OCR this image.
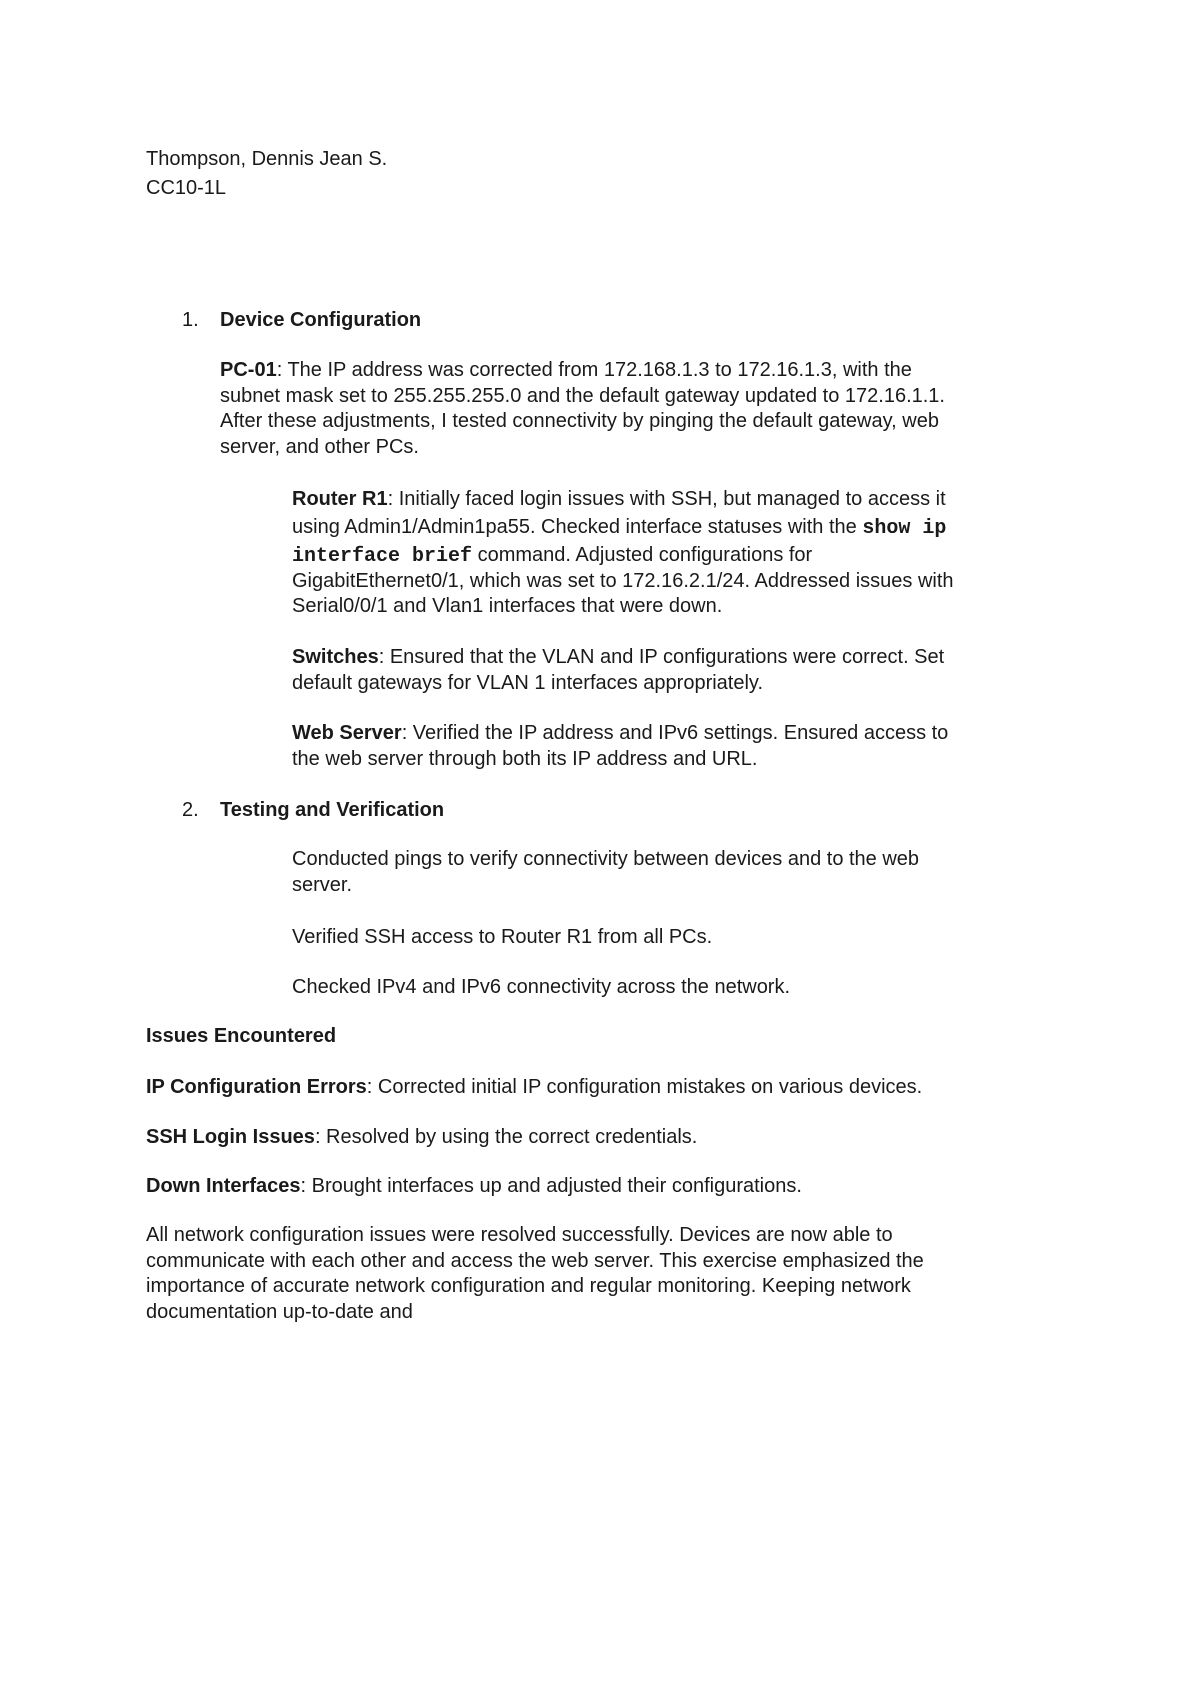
Thompson, Dennis Jean S.
CC10-1L
1. Device Configuration
PC-01: The IP address was corrected from 172.168.1.3 to 172.16.1.3, with the
subnet mask set to 255.255.255.0 and the default gateway updated to 172.16.1.1.
After these adjustments, I tested connectivity by pinging the default gateway, web
server, and other PCs.
Router R1: Initially faced login issues with SSH, but managed to access it
using Admin1/Admin1pa55. Checked interface statuses with the show ip
interface brief command. Adjusted configurations for
GigabitEthernet0/1, which was set to 172.16.2.1/24. Addressed issues with
Serial0/0/1 and Vlan1 interfaces that were down.
Switches: Ensured that the VLAN and IP configurations were correct. Set
default gateways for VLAN 1 interfaces appropriately.
Web Server: Verified the IP address and IPv6 settings. Ensured access to
the web server through both its IP address and URL.
2. Testing and Verification
Conducted pings to verify connectivity between devices and to the web
server.
Verified SSH access to Router R1 from all PCs.
Checked IPv4 and IPv6 connectivity across the network.
Issues Encountered
IP Configuration Errors: Corrected initial IP configuration mistakes on various devices.
SSH Login Issues: Resolved by using the correct credentials.
Down Interfaces: Brought interfaces up and adjusted their configurations.
All network configuration issues were resolved successfully. Devices are now able to
communicate with each other and access the web server. This exercise emphasized the
importance of accurate network configuration and regular monitoring. Keeping network
documentation up-to-date and
